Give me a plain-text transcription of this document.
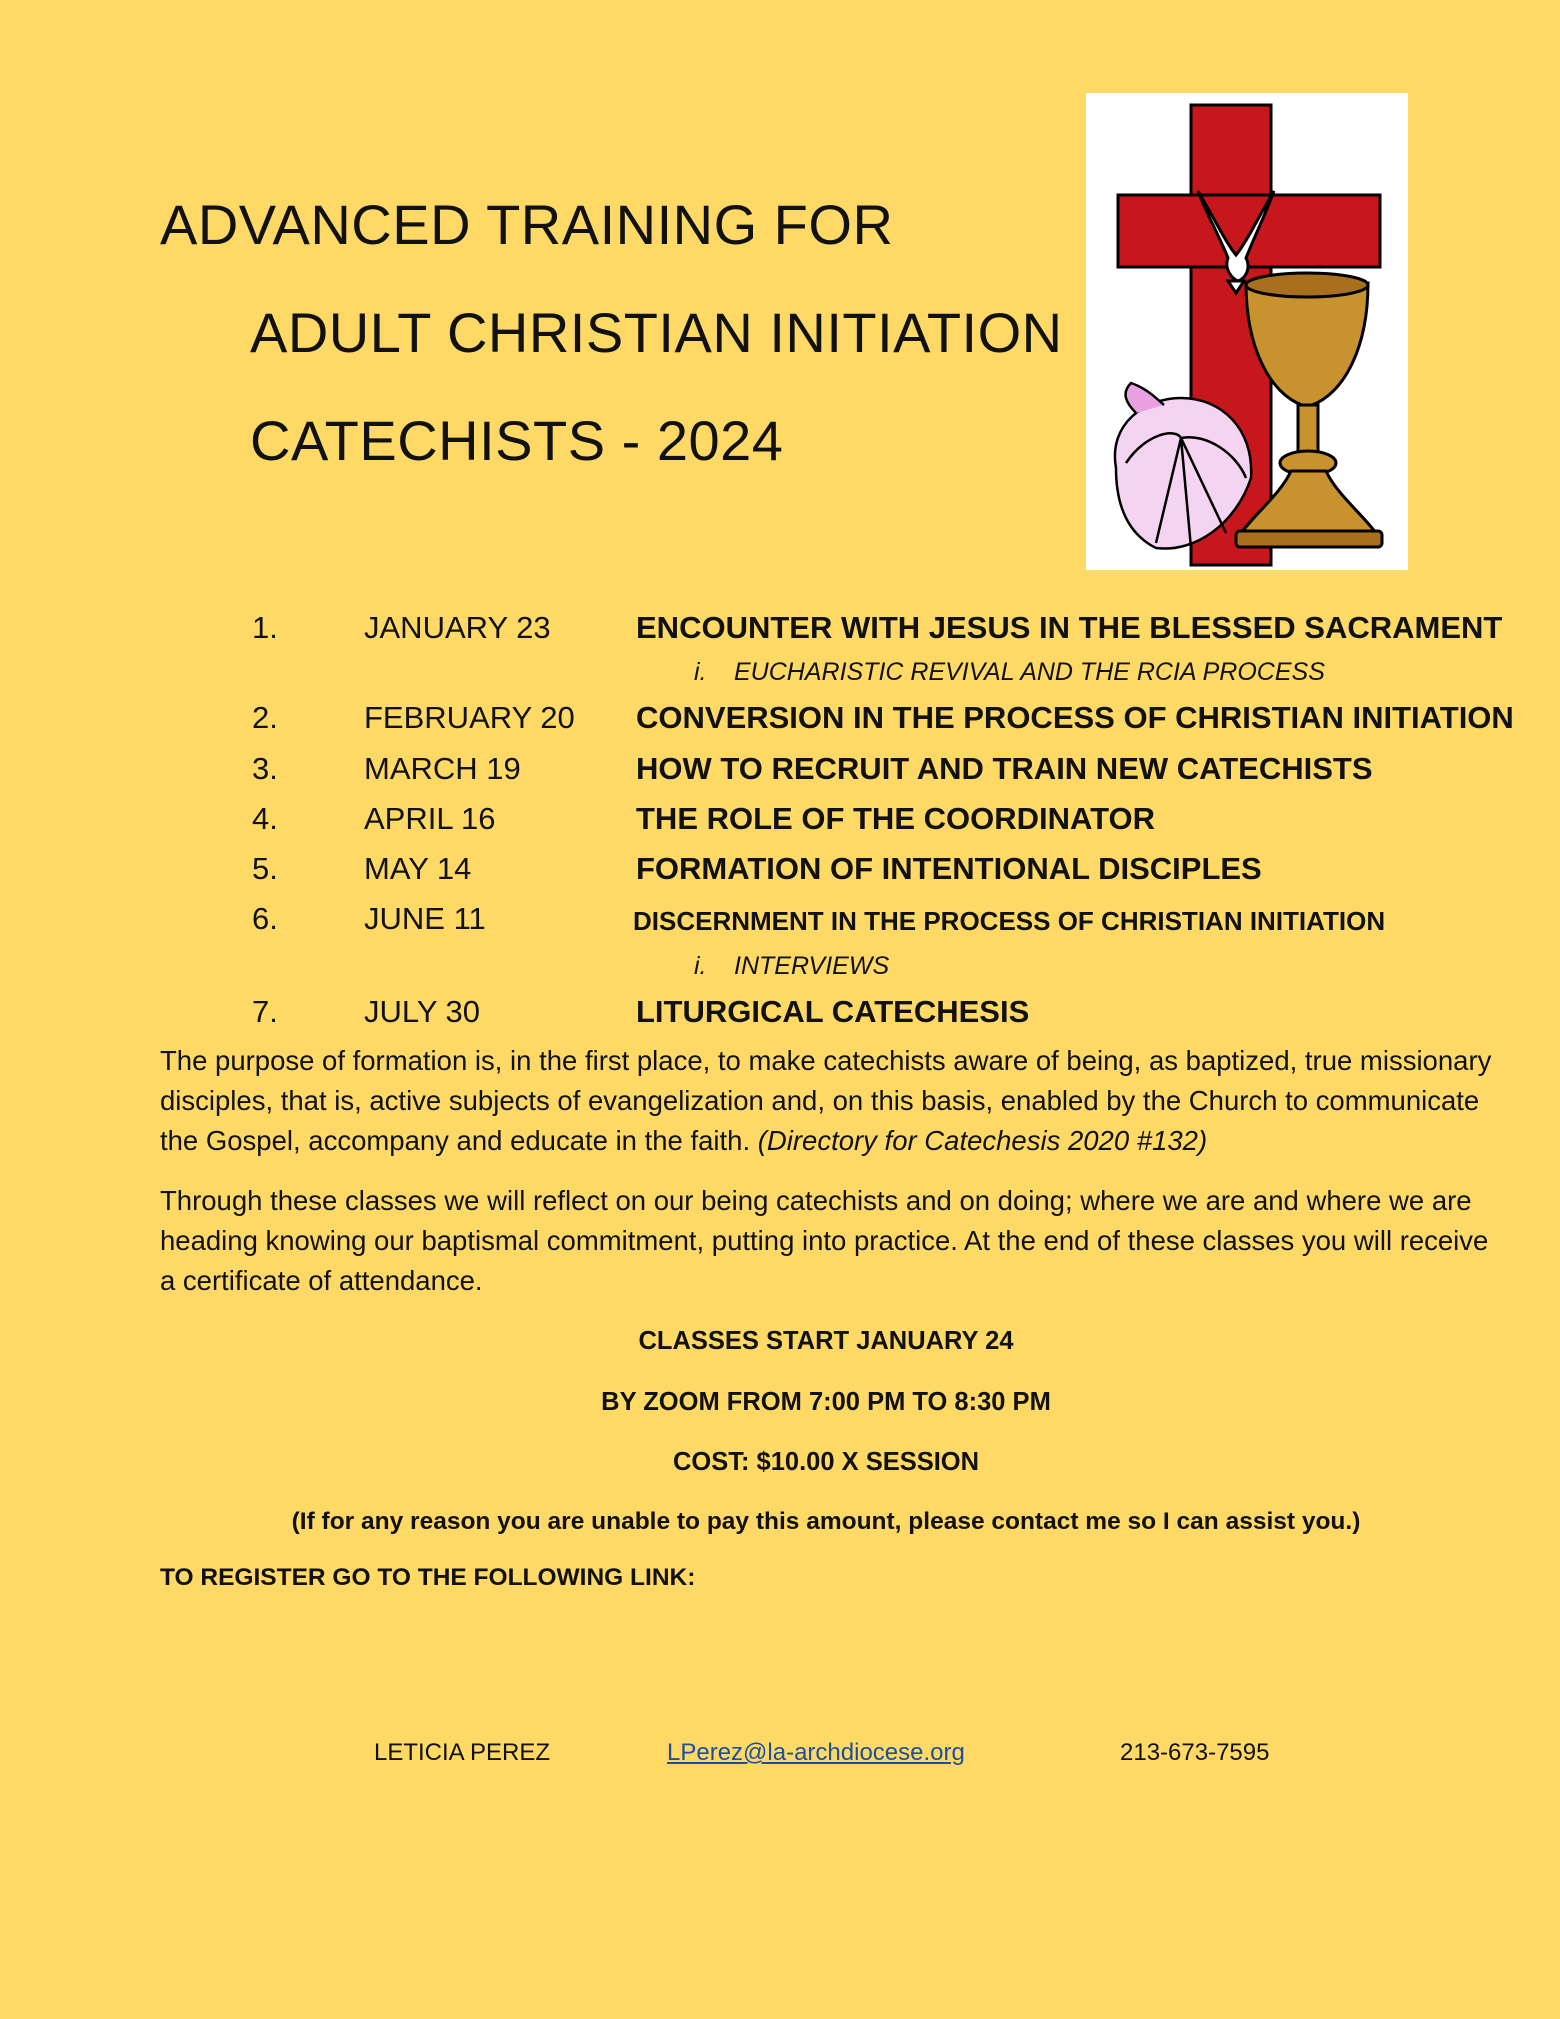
ADVANCED TRAINING FOR
ADULT CHRISTIAN INITIATION
CATECHISTS - 2024
1.	JANUARY 23	ENCOUNTER WITH JESUS IN THE BLESSED SACRAMENT
i. EUCHARISTIC REVIVAL AND THE RCIA PROCESS
2.	FEBRUARY 20 CONVERSION IN THE PROCESS OF CHRISTIAN INITIATION
3.	MARCH 19	HOW TO RECRUIT AND TRAIN NEW CATECHISTS
4.	APRIL 16	THE ROLE OF THE COORDINATOR
5.	MAY 14	FORMATION OF INTENTIONAL DISCIPLES
6.	JUNE 11	DISCERNMENT IN THE PROCESS OF CHRISTIAN INITIATION
i. INTERVIEWS
7.	JULY 30	LITURGICAL CATECHESIS
The purpose of formation is, in the first place, to make catechists aware of being, as baptized, true missionary disciples, that is, active subjects of evangelization and, on this basis, enabled by the Church to communicate the Gospel, accompany and educate in the faith. (Directory for Catechesis 2020 #132)
Through these classes we will reflect on our being catechists and on doing; where we are and where we are heading knowing our baptismal commitment, putting into practice. At the end of these classes you will receive a certificate of attendance.
CLASSES START JANUARY 24
BY ZOOM FROM 7:00 PM TO 8:30 PM
COST: $10.00 X SESSION
(If for any reason you are unable to pay this amount, please contact me so I can assist you.)
TO REGISTER GO TO THE FOLLOWING LINK:
LETICIA PEREZ	LPerez@la-archdiocese.org	213-673-7595
